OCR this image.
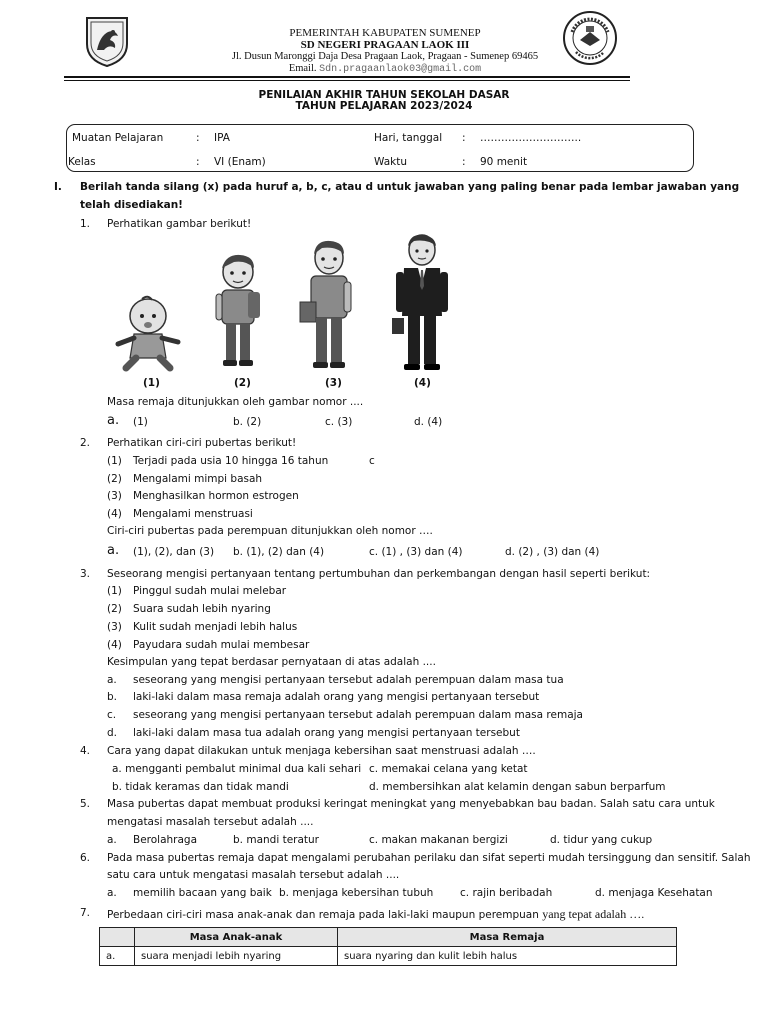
PEMERINTAH KABUPATEN SUMENEP
SD NEGERI PRAGAAN LAOK III
Jl. Dusun Maronggi Daja Desa Pragaan Laok, Pragaan - Sumenep 69465
Email. Sdn.pragaanlaok03@gmail.com
PENILAIAN AKHIR TAHUN SEKOLAH DASAR
TAHUN PELAJARAN 2023/2024
Muatan Pelajaran	: IPA	Hari, tanggal : ………………………..
Kelas	: VI (Enam)	Waktu	: 90 menit
I. Berilah tanda silang (x) pada huruf a, b, c, atau d untuk jawaban yang paling benar pada lembar jawaban yang
telah disediakan!
1. Perhatikan gambar berikut!
(1)	(2)	(3)	(4)
Masa remaja ditunjukkan oleh gambar nomor ....
a. (1)	b. (2)	c. (3)	d. (4)
2. Perhatikan ciri-ciri pubertas berikut!
(1) Terjadi pada usia 10 hingga 16 tahun	c
(2) Mengalami mimpi basah
(3) Menghasilkan hormon estrogen
(4) Mengalami menstruasi
Ciri-ciri pubertas pada perempuan ditunjukkan oleh nomor ….
a. (1), (2), dan (3) b. (1), (2) dan (4)	c. (1) , (3) dan (4)	d. (2) , (3) dan (4)
3. Seseorang mengisi pertanyaan tentang pertumbuhan dan perkembangan dengan hasil seperti berikut:
(1) Pinggul sudah mulai melebar
(2) Suara sudah lebih nyaring
(3) Kulit sudah menjadi lebih halus
(4) Payudara sudah mulai membesar
Kesimpulan yang tepat berdasar pernyataan di atas adalah ....
a. seseorang yang mengisi pertanyaan tersebut adalah perempuan dalam masa tua
b. laki-laki dalam masa remaja adalah orang yang mengisi pertanyaan tersebut
c. seseorang yang mengisi pertanyaan tersebut adalah perempuan dalam masa remaja
d. laki-laki dalam masa tua adalah orang yang mengisi pertanyaan tersebut
4. Cara yang dapat dilakukan untuk menjaga kebersihan saat menstruasi adalah ….
a. mengganti pembalut minimal dua kali sehari c. memakai celana yang ketat
b. tidak keramas dan tidak mandi	d. membersihkan alat kelamin dengan sabun berparfum
5. Masa pubertas dapat membuat produksi keringat meningkat yang menyebabkan bau badan. Salah satu cara untuk
mengatasi masalah tersebut adalah ....
a. Berolahraga	b. mandi teratur	c. makan makanan bergizi	d. tidur yang cukup
6. Pada masa pubertas remaja dapat mengalami perubahan perilaku dan sifat seperti mudah tersinggung dan sensitif. Salah
satu cara untuk mengatasi masalah tersebut adalah ....
a. memilih bacaan yang baik b. menjaga kebersihan tubuh	c. rajin beribadah	d. menjaga Kesehatan
7. Perbedaan ciri-ciri masa anak-anak dan remaja pada laki-laki maupun perempuan yang tepat adalah ….
	Masa Anak-anak	Masa Remaja
a.	suara menjadi lebih nyaring	suara nyaring dan kulit lebih halus
